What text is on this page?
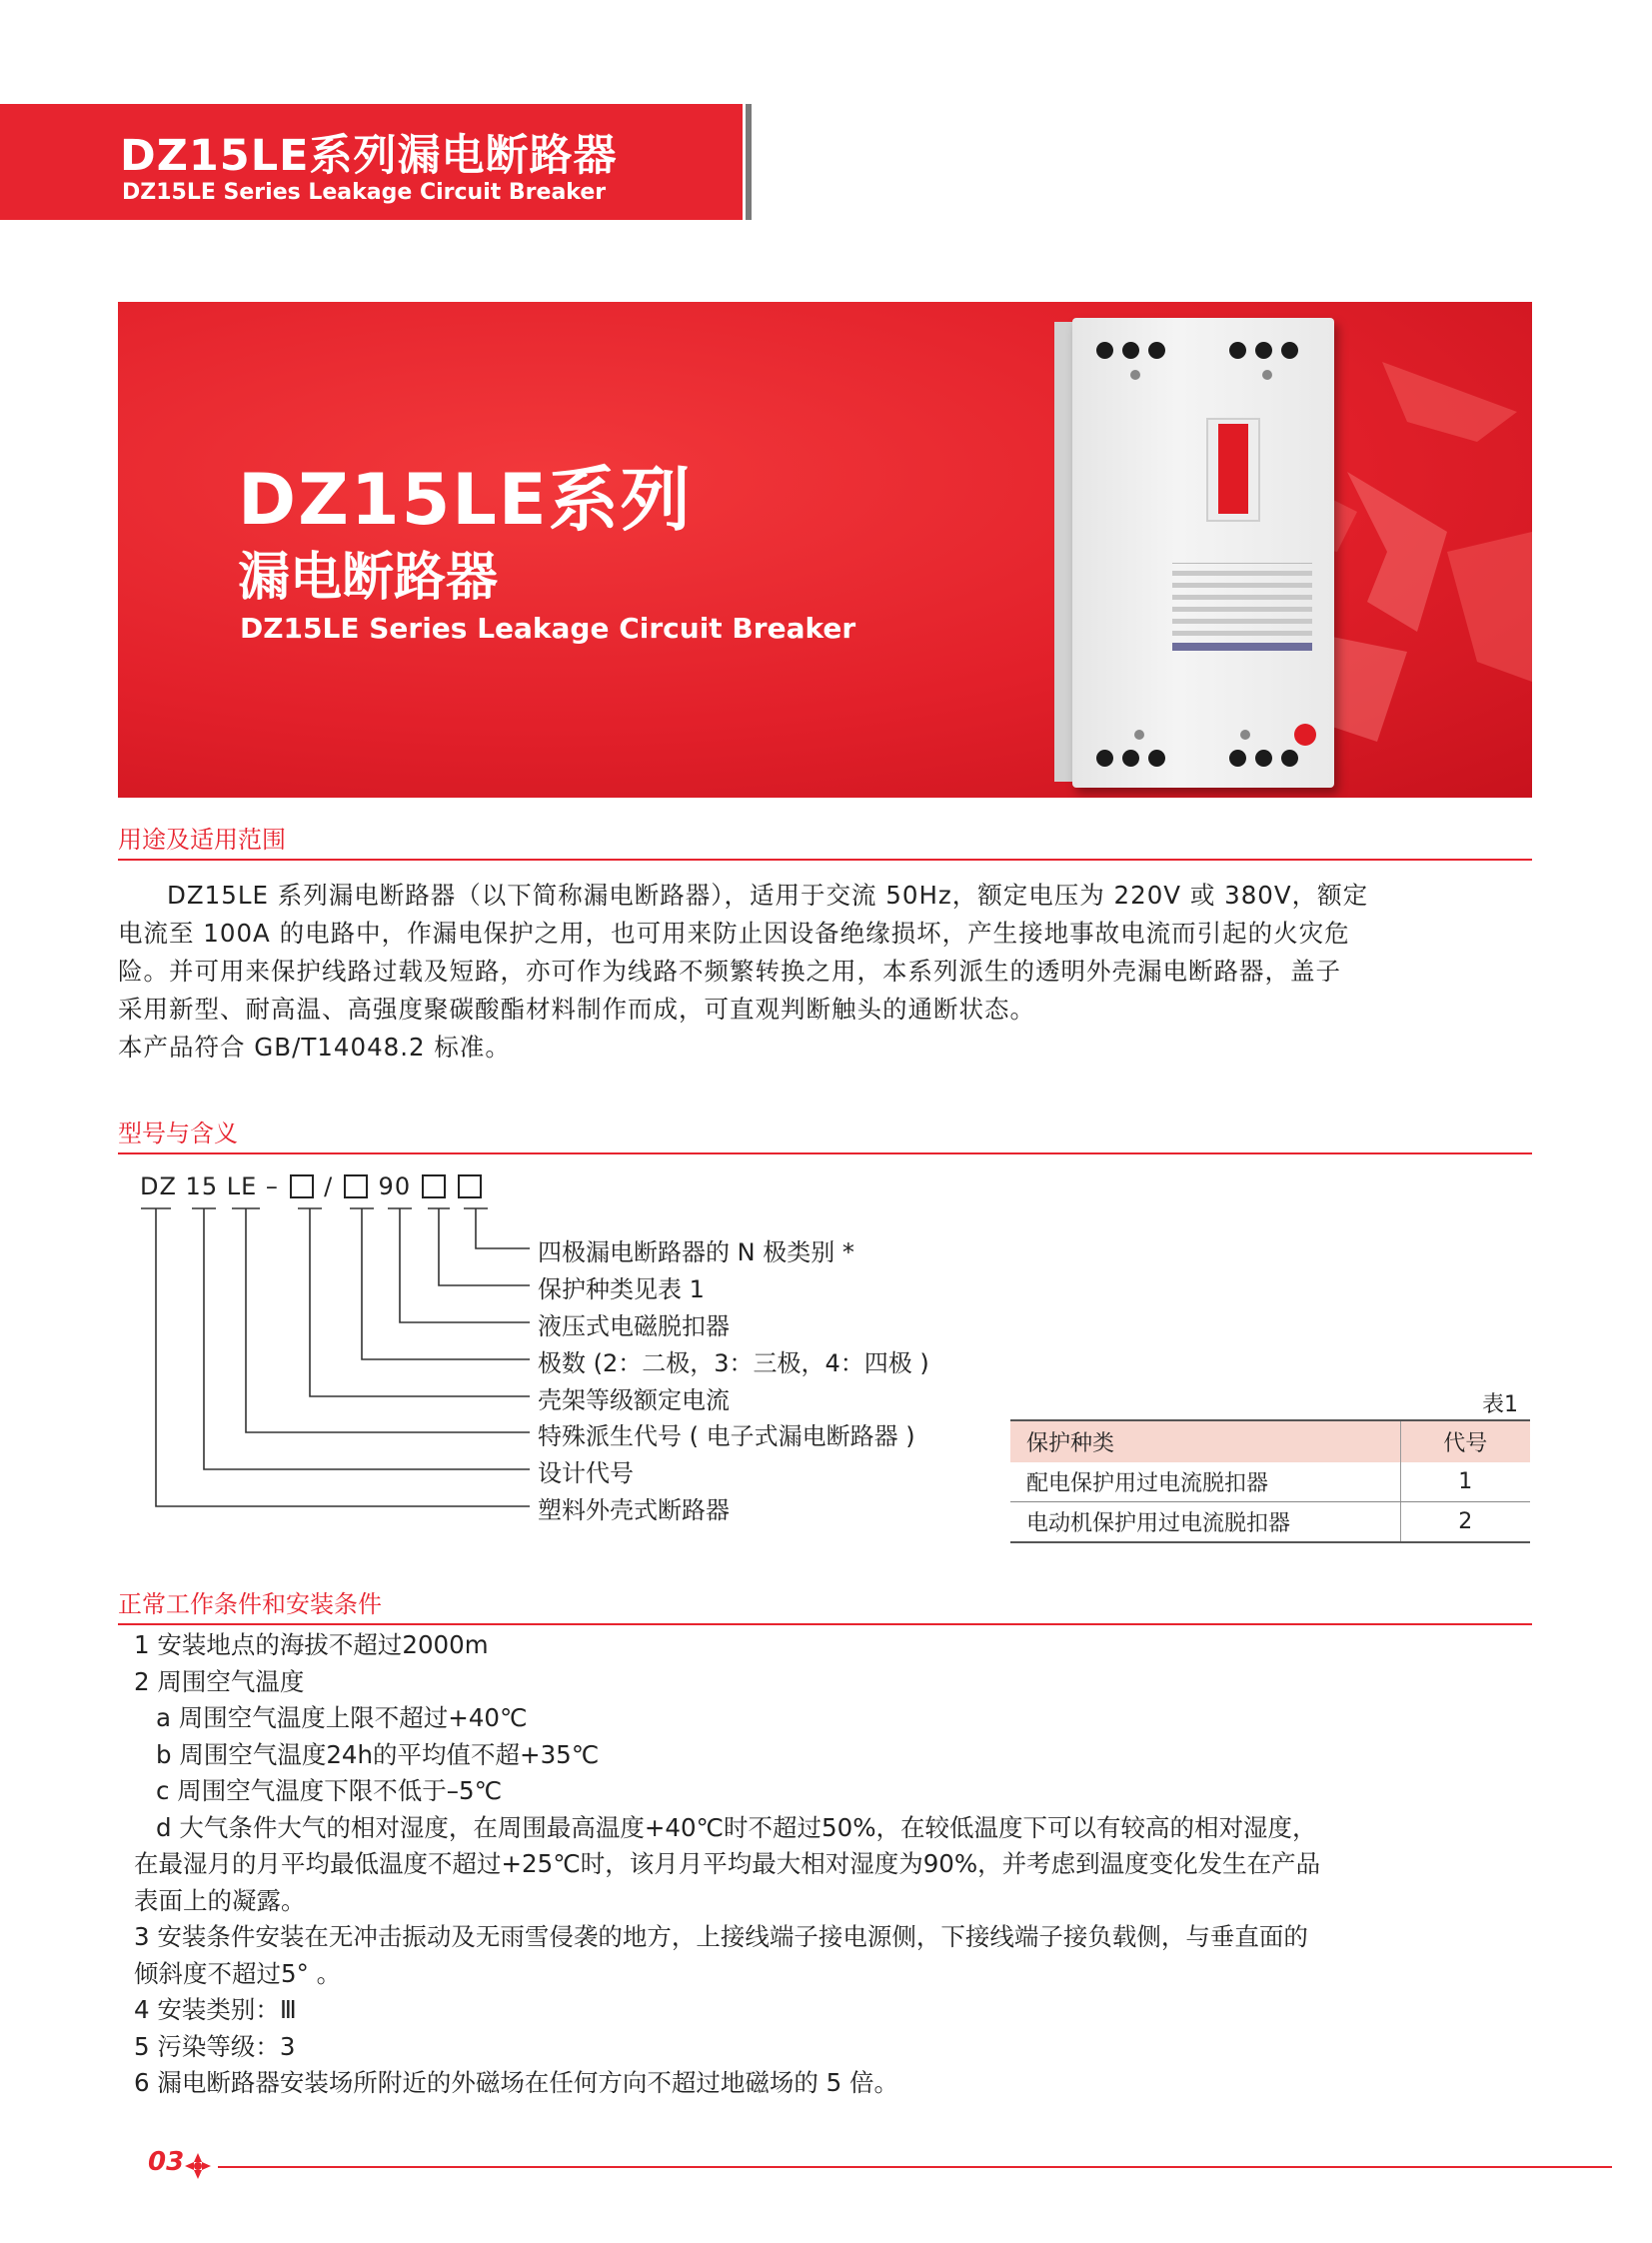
DZ15LE系列漏电断路器
DZ15LE Series Leakage Circuit Breaker
DZ15LE系列
漏电断路器
DZ15LE Series Leakage Circuit Breaker
用途及适用范围

DZ15LE 系列漏电断路器（以下简称漏电断路器），适用于交流 50Hz，额定电压为 220V 或 380V，额定

电流至 100A 的电路中，作漏电保护之用，也可用来防止因设备绝缘损坏，产生接地事故电流而引起的火灾危

险。并可用来保护线路过载及短路，亦可作为线路不频繁转换之用，本系列派生的透明外壳漏电断路器，盖子

采用新型、耐高温、高强度聚碳酸酯材料制作而成，可直观判断触头的通断状态。

本产品符合 GB/T14048.2 标准。

型号与含义
DZ 15 LE – / 90
四极漏电断路器的 N 极类别 *
保护种类见表 1
液压式电磁脱扣器
极数 (2：二极，3：三极，4：四极 )
壳架等级额定电流
特殊派生代号 ( 电子式漏电断路器 )
设计代号
塑料外壳式断路器
表1
保护种类	代号
配电保护用过电流脱扣器	1
电动机保护用过电流脱扣器	2
正常工作条件和安装条件
1 安装地点的海拔不超过2000m
2 周围空气温度
a 周围空气温度上限不超过+40℃
b 周围空气温度24h的平均值不超+35℃
c 周围空气温度下限不低于–5℃
d 大气条件大气的相对湿度，在周围最高温度+40℃时不超过50%，在较低温度下可以有较高的相对湿度，
在最湿月的月平均最低温度不超过+25℃时，该月月平均最大相对湿度为90%，并考虑到温度变化发生在产品
表面上的凝露。
3 安装条件安装在无冲击振动及无雨雪侵袭的地方，上接线端子接电源侧，下接线端子接负载侧，与垂直面的
倾斜度不超过5° 。
4 安装类别：Ⅲ
5 污染等级：3
6 漏电断路器安装场所附近的外磁场在任何方向不超过地磁场的 5 倍。
03
